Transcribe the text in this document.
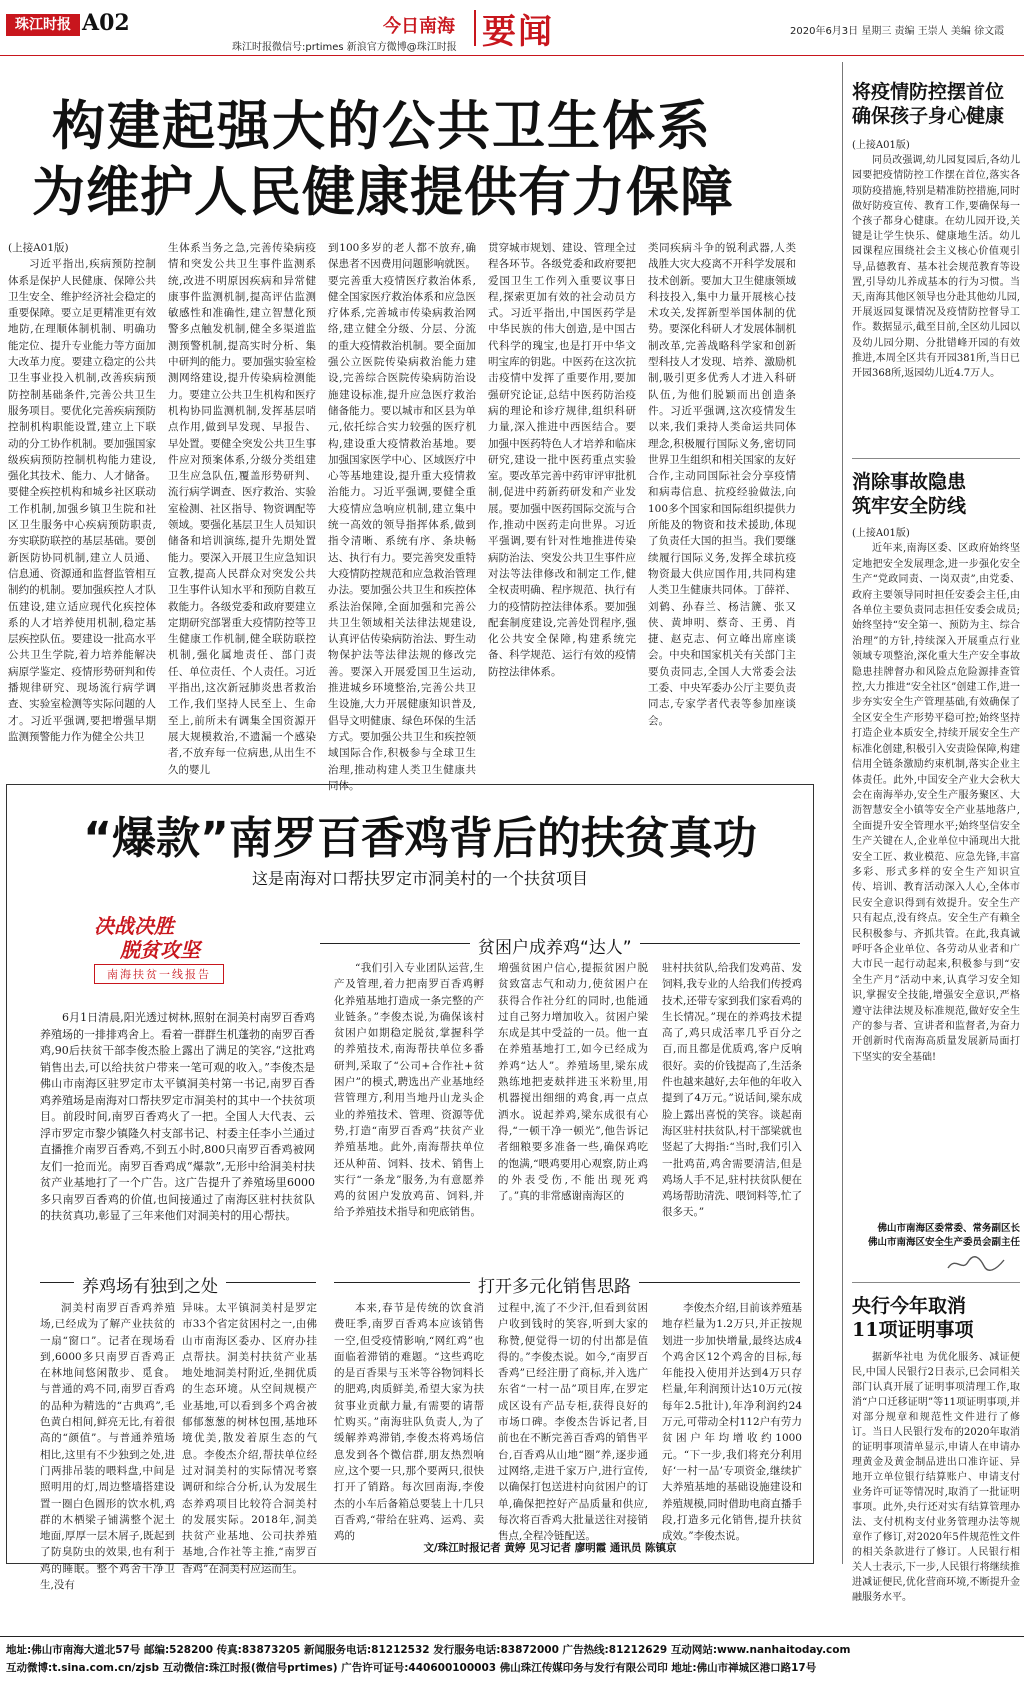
珠江时报 A02
珠江时报微信号:prtimes 新浪官方微博@珠江时报
今日南海 要闻	2020年6月3日 星期三 责编 王崇人 美编 徐文霞
构建起强大的公共卫生体系
为维护人民健康提供有力保障

(上接A01版)

习近平指出,疾病预防控制体系是保护人民健康、保障公共卫生安全、维护经济社会稳定的重要保障。要立足更精准更有效地防,在理顺体制机制、明确功能定位、提升专业能力等方面加大改革力度。要建立稳定的公共卫生事业投入机制,改善疾病预防控制基础条件,完善公共卫生服务项目。要优化完善疾病预防控制机构职能设置,建立上下联动的分工协作机制。要加强国家级疾病预防控制机构能力建设,强化其技术、能力、人才储备。要健全疾控机构和城乡社区联动工作机制,加强乡镇卫生院和社区卫生服务中心疾病预防职责,夯实联防联控的基层基础。要创新医防协同机制,建立人员通、信息通、资源通和监督监管相互制约的机制。要加强疾控人才队伍建设,建立适应现代化疾控体系的人才培养使用机制,稳定基层疾控队伍。要建设一批高水平公共卫生学院,着力培养能解决病原学鉴定、疫情形势研判和传播规律研究、现场流行病学调查、实验室检测等实际问题的人才。习近平强调,要把增强早期监测预警能力作为健全公共卫

生体系当务之急,完善传染病疫情和突发公共卫生事件监测系统,改进不明原因疾病和异常健康事件监测机制,提高评估监测敏感性和准确性,建立智慧化预警多点触发机制,健全多渠道监测预警机制,提高实时分析、集中研判的能力。要加强实验室检测网络建设,提升传染病检测能力。要建立公共卫生机构和医疗机构协同监测机制,发挥基层哨点作用,做到早发现、早报告、早处置。要健全突发公共卫生事件应对预案体系,分级分类组建卫生应急队伍,覆盖形势研判、流行病学调查、医疗救治、实验室检测、社区指导、物资调配等领域。要强化基层卫生人员知识储备和培训演练,提升先期处置能力。要深入开展卫生应急知识宣教,提高人民群众对突发公共卫生事件认知水平和预防自救互救能力。各级党委和政府要建立定期研究部署重大疫情防控等卫生健康工作机制,健全联防联控机制,强化属地责任、部门责任、单位责任、个人责任。习近平指出,这次新冠肺炎患者救治工作,我们坚持人民至上、生命至上,前所未有调集全国资源开展大规模救治,不遗漏一个感染者,不放弃每一位病患,从出生不久的婴儿

到100多岁的老人都不放弃,确保患者不因费用问题影响就医。要完善重大疫情医疗救治体系,健全国家医疗救治体系和应急医疗体系,完善城市传染病救治网络,建立健全分级、分层、分流的重大疫情救治机制。要全面加强公立医院传染病救治能力建设,完善综合医院传染病防治设施建设标准,提升应急医疗救治储备能力。要以城市和区县为单元,依托综合实力较强的医疗机构,建设重大疫情救治基地。要加强国家医学中心、区域医疗中心等基地建设,提升重大疫情救治能力。习近平强调,要健全重大疫情应急响应机制,建立集中统一高效的领导指挥体系,做到指令清晰、系统有序、条块畅达、执行有力。要完善突发重特大疫情防控规范和应急救治管理办法。要加强公共卫生和疾控体系法治保障,全面加强和完善公共卫生领域相关法律法规建设,认真评估传染病防治法、野生动物保护法等法律法规的修改完善。要深入开展爱国卫生运动,推进城乡环境整治,完善公共卫生设施,大力开展健康知识普及,倡导文明健康、绿色环保的生活方式。要加强公共卫生和疾控领域国际合作,积极参与全球卫生治理,推动构建人类卫生健康共同体。

贯穿城市规划、建设、管理全过程各环节。各级党委和政府要把爱国卫生工作列入重要议事日程,探索更加有效的社会动员方式。习近平指出,中国医药学是中华民族的伟大创造,是中国古代科学的瑰宝,也是打开中华文明宝库的钥匙。中医药在这次抗击疫情中发挥了重要作用,要加强研究论证,总结中医药防治疫病的理论和诊疗规律,组织科研力量,深入推进中西医结合。要加强中医药特色人才培养和临床研究,建设一批中医药重点实验室。要改革完善中药审评审批机制,促进中药新药研发和产业发展。要加强中医药国际交流与合作,推动中医药走向世界。习近平强调,要有针对性地推进传染病防治法、突发公共卫生事件应对法等法律修改和制定工作,健全权责明确、程序规范、执行有力的疫情防控法律体系。要加强配套制度建设,完善处罚程序,强化公共安全保障,构建系统完备、科学规范、运行有效的疫情防控法律体系。

类同疾病斗争的锐利武器,人类战胜大灾大疫离不开科学发展和技术创新。要加大卫生健康领域科技投入,集中力量开展核心技术攻关,发挥新型举国体制的优势。要深化科研人才发展体制机制改革,完善战略科学家和创新型科技人才发现、培养、激励机制,吸引更多优秀人才进入科研队伍,为他们脱颖而出创造条件。习近平强调,这次疫情发生以来,我们秉持人类命运共同体理念,积极履行国际义务,密切同世界卫生组织和相关国家的友好合作,主动同国际社会分享疫情和病毒信息、抗疫经验做法,向100多个国家和国际组织提供力所能及的物资和技术援助,体现了负责任大国的担当。我们要继续履行国际义务,发挥全球抗疫物资最大供应国作用,共同构建人类卫生健康共同体。丁薛祥、刘鹤、孙春兰、杨洁篪、张又侠、黄坤明、蔡奇、王勇、肖捷、赵克志、何立峰出席座谈会。中央和国家机关有关部门主要负责同志,全国人大常委会法工委、中央军委办公厅主要负责同志,专家学者代表等参加座谈会。

“爆款”南罗百香鸡背后的扶贫真功
这是南海对口帮扶罗定市洞美村的一个扶贫项目
决战决胜
脱贫攻坚
南海扶贫一线报告
贫困户成养鸡“达人”

6月1日清晨,阳光透过树林,照射在洞美村南罗百香鸡养殖场的一排排鸡舍上。看着一群群生机蓬勃的南罗百香鸡,90后扶贫干部李俊杰脸上露出了满足的笑容,“这批鸡销售出去,可以给扶贫户带来一笔可观的收入。”李俊杰是佛山市南海区驻罗定市太平镇洞美村第一书记,南罗百香鸡养殖场是南海对口帮扶罗定市洞美村的其中一个扶贫项目。前段时间,南罗百香鸡火了一把。全国人大代表、云浮市罗定市黎少镇隆久村支部书记、村委主任李小兰通过直播推介南罗百香鸡,不到五小时,800只南罗百香鸡被网友们一抢而光。南罗百香鸡成“爆款”,无形中给洞美村扶贫产业基地打了一个广告。这广告提升了养殖场里6000多只南罗百香鸡的价值,也间接通过了南海区驻村扶贫队的扶贫真功,彰显了三年来他们对洞美村的用心帮扶。

“我们引入专业团队运营,生产及管理,着力把南罗百香鸡孵化养殖基地打造成一条完整的产业链条。”李俊杰说,为确保该村贫困户如期稳定脱贫,掌握科学的养殖技术,南海帮扶单位多番研判,采取了“公司+合作社+贫困户”的模式,聘选出产业基地经营管理方,利用当地丹山龙头企业的养殖技术、管理、资源等优势,打造“南罗百香鸡”扶贫产业养殖基地。此外,南海帮扶单位还从种苗、饲料、技术、销售上实行“一条龙”服务,为有意愿养鸡的贫困户发放鸡苗、饲料,并给予养殖技术指导和兜底销售。

増强贫困户信心,提振贫困户脱贫致富志气和动力,使贫困户在获得合作社分红的同时,也能通过自己努力增加收入。贫困户梁东成是其中受益的一员。他一直在养殖基地打工,如今已经成为养鸡“达人”。养殖场里,梁东成熟练地把麦麸拌进玉米粉里,用机器搅出细细的鸡食,再一点点洒水。说起养鸡,梁东成很有心得,“一顿干净一顿光”,他告诉记者细粮要多准备一些,确保鸡吃的饱满,“喂鸡要用心观察,防止鸡的外表受伤,不能出现死鸡了。”真的非常感谢南海区的

驻村扶贫队,给我们发鸡苗、发饲料,我专业的人给我们传授鸡技术,还带专家到我们家看鸡的生长情况。”现在的养鸡技术提高了,鸡只成活率几乎百分之百,而且都是优质鸡,客户反响很好。卖的价钱提高了,生活条件也越来越好,去年他的年收入提到了4万元。”说话间,梁东成脸上露出喜悦的笑容。谈起南海区驻村扶贫队,村干部梁就也竖起了大拇指:“当时,我们引入一批鸡苗,鸡舍需要清洁,但是鸡场人手不足,驻村扶贫队便在鸡场帮助清洗、喂饲料等,忙了很多天。”

养鸡场有独到之处	打开多元化销售思路

洞美村南罗百香鸡养殖场,已经成为了解产业扶贫的一扇“窗口”。记者在现场看到,6000多只南罗百香鸡正在林地间悠闲散步、觅食。与普通的鸡不同,南罗百香鸡的品种为精选的“古典鸡”,毛色黄白相间,鲜亮无比,有着很高的“颜值”。与普通养殖场相比,这里有不少独到之处,进门两排吊装的喂料盘,中间是照明用的灯,周边整墙搭建设置一圈白色圆形的饮水机,鸡群的木栖梁子铺满整个泥土地面,厚厚一层木屑子,既起到了防臭防虫的效果,也有利于鸡的睡眠。整个鸡舍干净卫生,没有

异味。太平镇洞美村是罗定市33个省定贫困村之一,由佛山市南海区委办、区府办挂点帮扶。洞美村扶贫产业基地处地洞美村附近,坐拥优质的生态环境。从空间规模产业基地,可以看到多个鸡舍被郁郁葱葱的树林包围,基地环境优美,散发着原生态的气息。李俊杰介绍,帮扶单位经过对洞美村的实际情况考察调研和综合分析,认为发展生态养鸡项目比较符合洞美村的发展实际。2018年,洞美扶贫产业基地、公司扶养殖基地,合作社等主推,“南罗百香鸡”在洞美村应运而生。

本来,春节是传统的饮食消费旺季,南罗百香鸡本应该销售一空,但受疫情影响,“网红鸡”也面临着滞销的难题。“这些鸡吃的是百香果与玉米等谷物饲料长的肥鸡,肉质鲜美,希望大家为扶贫事业贡献力量,有需要的请帮忙购买。”南海驻队负责人,为了缓解养鸡滞销,李俊杰将鸡场信息发到各个微信群,朋友热烈响应,这个要一只,那个要两只,很快打开了销路。每次回南海,李俊杰的小车后备箱总要装上十几只百香鸡,“带给在驻鸡、运鸡、卖鸡的

过程中,流了不少汗,但看到贫困户收到钱时的笑容,听到大家的称赞,便觉得一切的付出都是值得的。”李俊杰说。如今,“南罗百香鸡”已经注册了商标,并入选广东省“一村一品”项目库,在罗定成区设有产品专柜,获得良好的市场口碑。李俊杰告诉记者,目前也在不断完善百香鸡的销售平台,百香鸡从山地“圈”养,逐步通过网络,走进千家万户,进行宣传,以确保打包送进村向贫困户的订单,确保把控好产品质量和供应,每次将百香鸡大批量送往对接销售点,全程冷链配送。

李俊杰介绍,目前该养殖基地存栏量为1.2万只,并正按规划进一步加快增量,最终达成4个鸡舍区12个鸡舍的目标,每年能投入使用并达到4万只存栏量,年利润预计达10万元(按每年2.5批计),年净利润约24万元,可带动全村112户有劳力贫困户年均增收约1000元。“下一步,我们将充分利用好‘一村一品’专项资金,继续扩大养殖基地的基础设施建设和养殖规模,同时借助电商直播手段,打造多元化销售,提升扶贫成效。”李俊杰说。

文/珠江时报记者 黄婷 见习记者 廖明霞 通讯员 陈镇京
将疫情防控摆首位
确保孩子身心健康

(上接A01版)

同员改强调,幼儿园复园后,各幼儿园要把疫情防控工作摆在首位,落实各项防疫措施,特别是精准防控措施,同时做好防疫宣传、教育工作,要确保每一个孩子都身心健康。在幼儿园开设,关键是让学生快乐、健康地生活。幼儿园课程应围绕社会主义核心价值观引导,品德教育、基本社会规范教育等设置,引导幼儿养成基本的行为习惯。当天,南海其他区领导也分赴其他幼儿园,开展返园复课情况及疫情防控督导工作。数据显示,截至目前,全区幼儿园以及幼儿园分期、分批错峰开园的有效推进,本周全区共有开园381所,当日已开园368所,返园幼儿近4.7万人。

消除事故隐患
筑牢安全防线

(上接A01版)

近年来,南海区委、区政府始终坚定地把安全发展理念,进一步强化安全生产“党政同责、一岗双责”,由党委、政府主要领导同时担任安委会主任,由各单位主要负责同志担任安委会成员;始终坚持“安全第一、预防为主、综合治理”的方针,持续深入开展重点行业领域专项整治,深化重大生产安全事故隐患挂牌督办和风险点危险源排查管控,大力推进“安全社区”创建工作,进一步夯实安全生产管理基础,有效确保了全区安全生产形势平稳可控;始终坚持打造企业本质安全,持续开展安全生产标准化创建,积极引入安责险保障,构建信用全链条激励约束机制,落实企业主体责任。此外,中国安全产业大会秋大会在南海举办,安全生产服务聚区、大沥智慧安全小镇等安全产业基地落户,全面提升安全管理水平;始终坚信安全生产关键在人,企业单位中涌现出大批安全工匠、救业模范、应急先锋,丰富多彩、形式多样的安全生产知识宣传、培训、教育活动深入人心,全体市民安全意识得到有效提升。安全生产只有起点,没有终点。安全生产有赖全民积极参与、齐抓共管。在此,我真诚呼吁各企业单位、各劳动从业者和广大市民一起行动起来,积极参与到“安全生产月”活动中来,认真学习安全知识,掌握安全技能,增强安全意识,严格遵守法律法规及标准规范,做好安全生产的参与者、宣讲者和监督者,为奋力开创新时代南海高质量发展新局面打下坚实的安全基础!

佛山市南海区委常委、常务副区长
佛山市南海区安全生产委员会副主任
央行今年取消
11项证明事项

据新华社电 为优化服务、减证便民,中国人民银行2日表示,已会同相关部门认真开展了证明事项清理工作,取消“户口迁移证明”等11项证明事项,并对部分规章和规范性文件进行了修订。当日人民银行发布的2020年取消的证明事项清单显示,申请人在申请办理黄金及黄金制品进出口准许证、异地开立单位银行结算账户、申请支付业务许可证等情况时,取消了一批证明事项。此外,央行还对实有结算管理办法、支付机构支付业务管理办法等规章作了修订,对2020年5件规范性文件的相关条款进行了修订。人民银行相关人士表示,下一步,人民银行将继续推进减证便民,优化营商环境,不断提升金融服务水平。

地址:佛山市南海大道北57号 邮编:528200 传真:83873205 新闻服务电话:81212532 发行服务电话:83872000 广告热线:81212629 互动网站:www.nanhaitoday.com
互动微博:t.sina.com.cn/zjsb 互动微信:珠江时报(微信号prtimes) 广告许可证号:440600100003 佛山珠江传媒印务与发行有限公司印 地址:佛山市禅城区港口路17号
